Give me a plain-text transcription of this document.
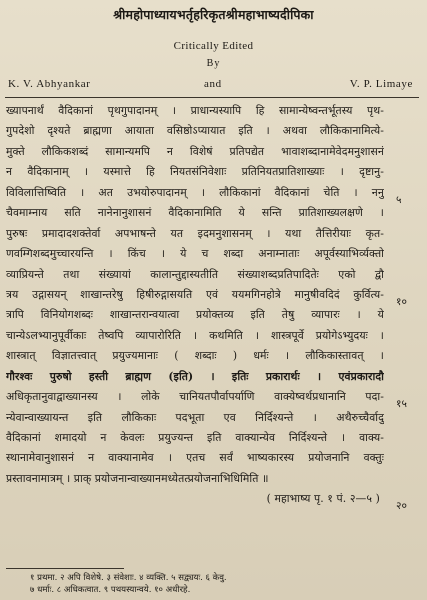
श्रीमहोपाध्यायभर्तृहरिकृतश्रीमहाभाष्यदीपिका
Critically Edited
By
K. V. Abhyankar	and	V. P. Limaye
ख्यापनार्थं वैदिकानां पृथगुपादानम् । प्राधान्यस्यापि हि सामान्येष्वन्तर्भूतस्य पृथ-
गुपदेशो दृश्यते ब्राह्मणा आयाता वसिष्ठोऽप्यायात इति । अथवा लौकिकानामित्ये-
मुक्ते लौकिकशब्दं सामान्यमपि न विशेषं प्रतिपद्येत भावाशब्दानामेवेदमनुशासनं
न वैदिकानाम् । यस्मात्ते हि नियतसंनिवेशाः प्रतिनियतप्रातिशाख्याः । दृष्टानु-
विविलात्तिष्विति । अत उभयोरुपादानम् । लौकिकानां वैदिकानां चेति । ननु
चैवमाम्नाय सति नानेनानुशासनं वैदिकानामिति ये सन्ति प्रातिशाख्यलक्षणे ।
पुरुषः प्रमादादशक्तेर्वा अपभाषन्ते यत इदमनुशासनम् । यथा तैत्तिरीयाः कृत-
णवम्गिशब्दमुच्चारयन्ति । किंच । ये च शब्दा अनाम्नाताः अपूर्वस्याभिर्व्यक्तो
व्याप्रियन्ते तथा संख्यायां कालान्तुद्दास्यतीति संख्याशब्दप्रतिपादितेः एको द्वौ
त्रय उद्गासयन् शाखान्तरेषु हिषीरुद्गासयति एवं ययमगिनहोत्रे मानुषीवदिदं कुर्वित्य-
त्रापि विनियोगशब्दः शाखान्तरान्वयात्वा प्रयोक्तव्य इति तेषु व्यापारः । ये
चान्येऽलभ्यानुपूर्वीकाः तेष्वपि व्यापारोरिति । कथमिति । शास्त्रपूर्वे प्रयोगेऽभ्युदयः ।
शास्त्रात् विज्ञातत्त्वात् प्रयुज्यमानाः ( शब्दाः ) धर्मः । लौकिकास्तावत् ।
गौरश्वः पुरुषो हस्ती ब्राह्मण (इति) । इतिः प्रकारार्थः । एवंप्रकारादौ
अधिकृतानुवाद्वाख्यानस्य । लोके चानियतपौर्वापर्याणि वाक्येष्वर्थप्रधानानि पदा-
न्येवान्वाख्यायन्त इति लौकिकाः पदभूता एव निर्दिश्यन्ते । अथैरुच्चैर्वादु
वैदिकानां शमादयो न केवलः प्रयुज्यन्त इति वाक्यान्येव निर्दिश्यन्ते । वाक्य-
स्थानामेवानुशासनं न वाक्यानामेव । एतच सर्वं भाष्यकारस्य प्रयोजनानि वक्तुः
प्रस्तावनामात्रम् । प्राक् प्रयोजनान्वाख्यानमध्येतत्प्रयोजनाभिधिमिति ॥
( महाभाष्य पृ. १ पं. २—५ )
५
१०
१५
२०
१ प्रथमा. २ अपि विशेषे. ३ संवेशाः. ४ व्यक्ति. ५ सद्व्ययः. ६ केवु.
७ धर्माः. ८ अधिकत्वात. ९ पथयस्यान्वये. १० अधीरहे.
